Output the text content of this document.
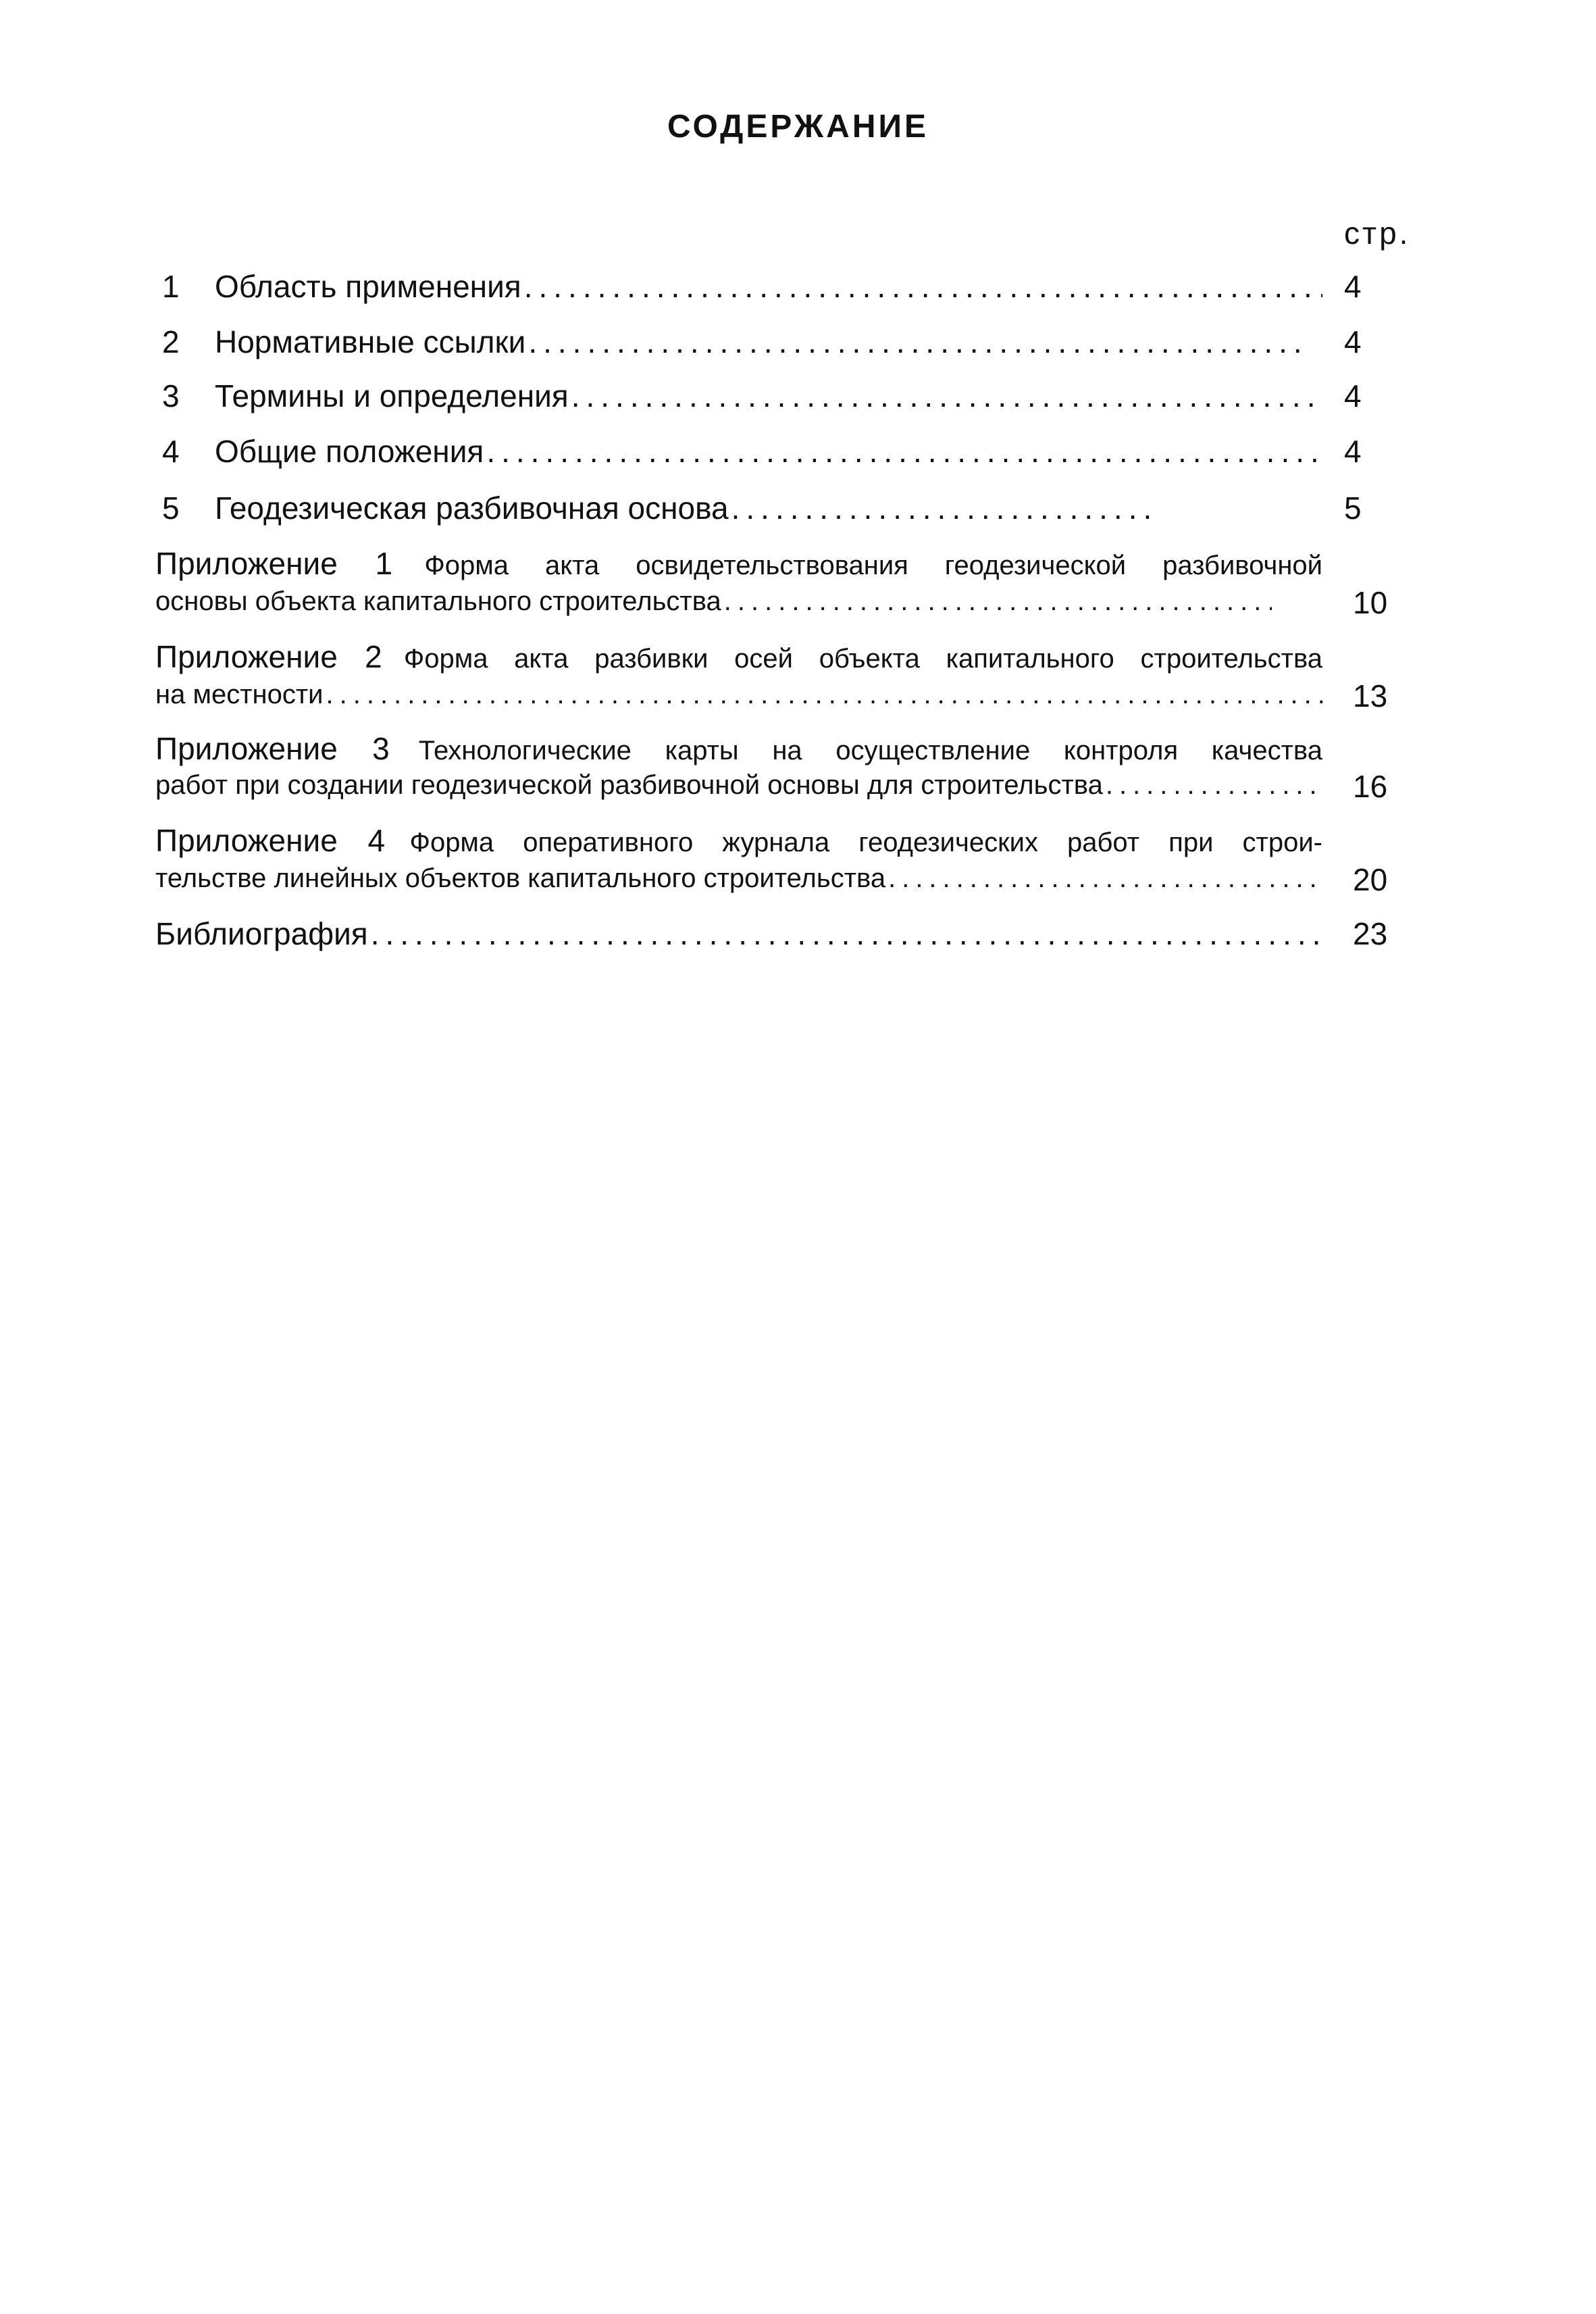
СОДЕРЖАНИЕ
стр.
1 Область применения .....	4
2 Нормативные ссылки .....	4
3 Термины и определения .....	4
4 Общие положения .....	4
5 Геодезическая разбивочная основа .....	5
Приложение 1 Форма акта освидетельствования геодезической разбивочной
основы объекта капитального строительства .....	10
Приложение 2 Форма акта разбивки осей объекта капитального строительства
на местности .....	13
Приложение 3 Технологические карты на осуществление контроля качества
работ при создании геодезической разбивочной основы для строительства .....	16
Приложение 4 Форма оперативного журнала геодезических работ при строи-
тельстве линейных объектов капитального строительства .....	20
Библиография .....	23
